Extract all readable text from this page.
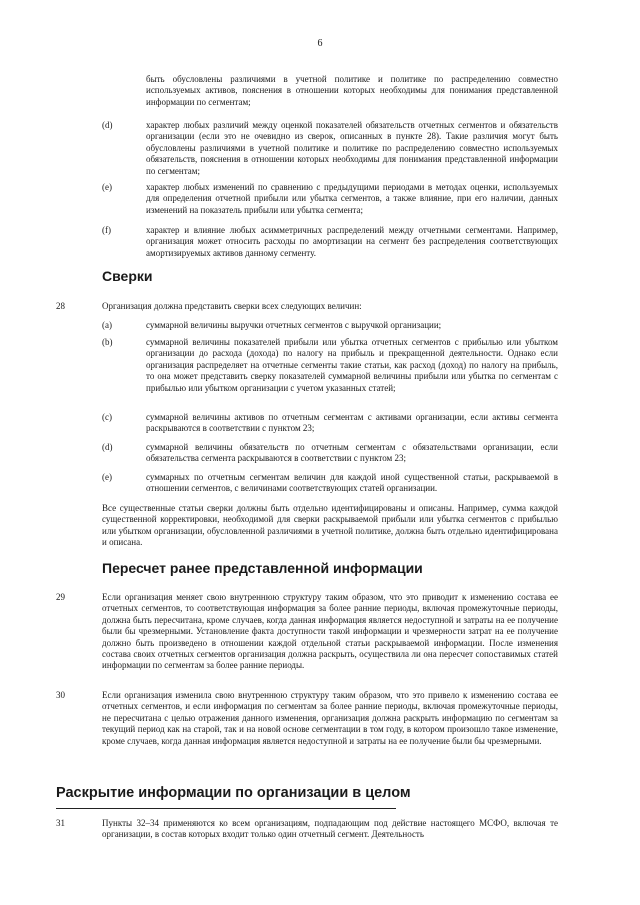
6
быть обусловлены различиями в учетной политике и политике по распределению совместно используемых активов, пояснения в отношении которых необходимы для понимания представленной информации по сегментам;
(d)	характер любых различий между оценкой показателей обязательств отчетных сегментов и обязательств организации (если это не очевидно из сверок, описанных в пункте 28). Такие различия могут быть обусловлены различиями в учетной политике и политике по распределению совместно используемых обязательств, пояснения в отношении которых необходимы для понимания представленной информации по сегментам;
(e)	характер любых изменений по сравнению с предыдущими периодами в методах оценки, используемых для определения отчетной прибыли или убытка сегментов, а также влияние, при его наличии, данных изменений на показатель прибыли или убытка сегмента;
(f)	характер и влияние любых асимметричных распределений между отчетными сегментами. Например, организация может относить расходы по амортизации на сегмент без распределения соответствующих амортизируемых активов данному сегменту.
Сверки
28	Организация должна представить сверки всех следующих величин:
(a)	суммарной величины выручки отчетных сегментов с выручкой организации;
(b)	суммарной величины показателей прибыли или убытка отчетных сегментов с прибылью или убытком организации до расхода (дохода) по налогу на прибыль и прекращенной деятельности. Однако если организация распределяет на отчетные сегменты такие статьи, как расход (доход) по налогу на прибыль, то она может представить сверку показателей суммарной величины прибыли или убытка по сегментам с прибылью или убытком организации с учетом указанных статей;
(c)	суммарной величины активов по отчетным сегментам с активами организации, если активы сегмента раскрываются в соответствии с пунктом 23;
(d)	суммарной величины обязательств по отчетным сегментам с обязательствами организации, если обязательства сегмента раскрываются в соответствии с пунктом 23;
(e)	суммарных по отчетным сегментам величин для каждой иной существенной статьи, раскрываемой в отношении сегментов, с величинами соответствующих статей организации.
Все существенные статьи сверки должны быть отдельно идентифицированы и описаны. Например, сумма каждой существенной корректировки, необходимой для сверки раскрываемой прибыли или убытка сегментов с прибылью или убытком организации, обусловленной различиями в учетной политике, должна быть отдельно идентифицирована и описана.
Пересчет ранее представленной информации
29	Если организация меняет свою внутреннюю структуру таким образом, что это приводит к изменению состава ее отчетных сегментов, то соответствующая информация за более ранние периоды, включая промежуточные периоды, должна быть пересчитана, кроме случаев, когда данная информация является недоступной и затраты на ее получение были бы чрезмерными. Установление факта доступности такой информации и чрезмерности затрат на ее получение должно быть произведено в отношении каждой отдельной статьи раскрываемой информации. После изменения состава своих отчетных сегментов организация должна раскрыть, осуществила ли она пересчет сопоставимых статей информации по сегментам за более ранние периоды.
30	Если организация изменила свою внутреннюю структуру таким образом, что это привело к изменению состава ее отчетных сегментов, и если информация по сегментам за более ранние периоды, включая промежуточные периоды, не пересчитана с целью отражения данного изменения, организация должна раскрыть информацию по сегментам за текущий период как на старой, так и на новой основе сегментации в том году, в котором произошло такое изменение, кроме случаев, когда данная информация является недоступной и затраты на ее получение были бы чрезмерными.
Раскрытие информации по организации в целом
31	Пункты 32–34 применяются ко всем организациям, подпадающим под действие настоящего МСФО, включая те организации, в состав которых входит только один отчетный сегмент. Деятельность
